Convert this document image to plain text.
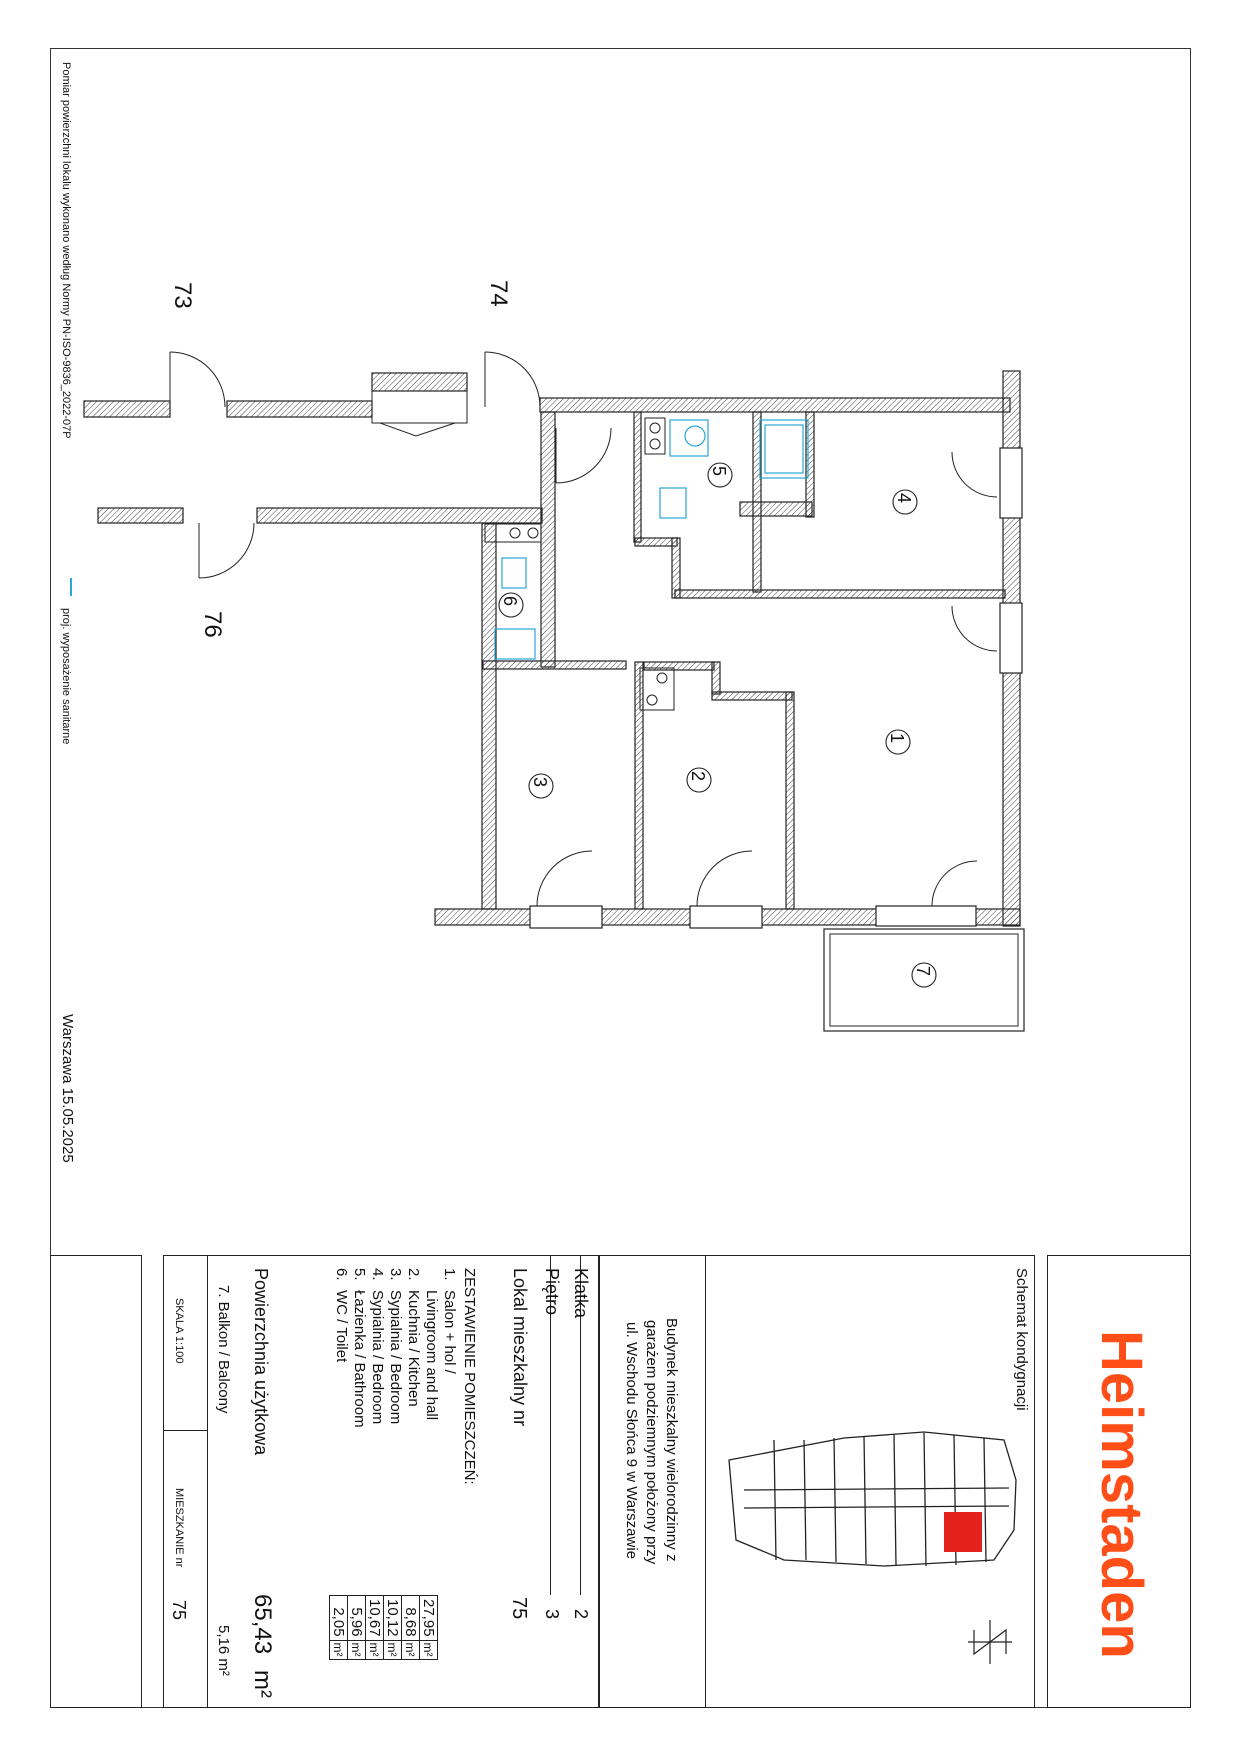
1
2
3
4
5
6
7
73	74
76
Pomiar powierzchni lokalu wykonano według Normy PN-ISO-9836_2022-07P
proj. wyposażenie sanitarne
Warszawa 15.05.2025
Heimstaden
Schemat kondygnacji
Budynek mieszkalny wielorodzinny z
garażem podziemnym położony przy
ul. Wschodu Słońca 9 w Warszawie
Klatka
2
Piętro
3
Lokal mieszkalny nr
75
ZESTAWIENIE POMIESZCZEŃ:
1.
Salon + hol /
Livingroom and hall
2.
Kuchnia / Kitchen
3.
Sypialnia / Bedroom
4.
Sypialnia / Bedroom
5.
Łazienka / Bathroom
6.
WC / Toilet
27,95	m²
8,68	m²
10,12	m²
10,67	m²
5,96	m²
2,05	m²
Powierzchnia użytkowa
65,43
m²
7. Balkon / Balcony
5,16 m²
SKALA 1:100
MIESZKANIE nr
75
